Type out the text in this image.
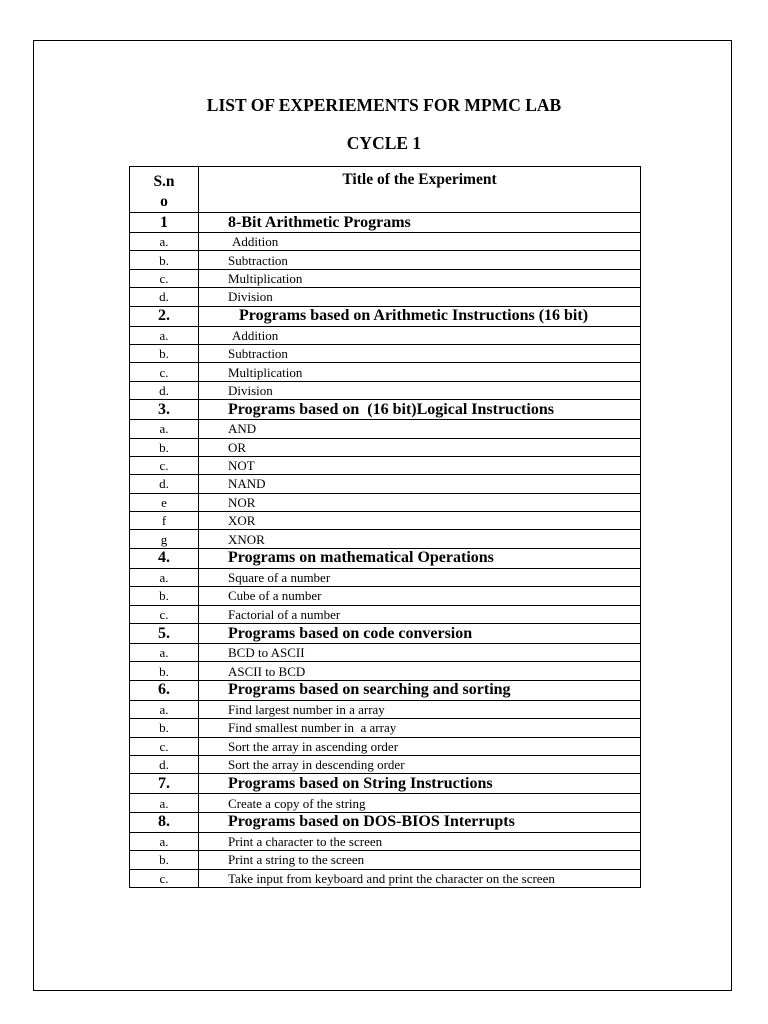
LIST OF EXPERIEMENTS FOR MPMC LAB
CYCLE 1
S.n
o	Title of the Experiment
1	8-Bit Arithmetic Programs
a.	Addition
b.	Subtraction
c.	Multiplication
d.	Division
2.	Programs based on Arithmetic Instructions (16 bit)
a.	Addition
b.	Subtraction
c.	Multiplication
d.	Division
3.	Programs based on  (16 bit)Logical Instructions
a.	AND
b.	OR
c.	NOT
d.	NAND
e	NOR
f	XOR
g	XNOR
4.	Programs on mathematical Operations
a.	Square of a number
b.	Cube of a number
c.	Factorial of a number
5.	Programs based on code conversion
a.	BCD to ASCII
b.	ASCII to BCD
6.	Programs based on searching and sorting
a.	Find largest number in a array
b.	Find smallest number in  a array
c.	Sort the array in ascending order
d.	Sort the array in descending order
7.	Programs based on String Instructions
a.	Create a copy of the string
8.	Programs based on DOS-BIOS Interrupts
a.	Print a character to the screen
b.	Print a string to the screen
c.	Take input from keyboard and print the character on the screen
